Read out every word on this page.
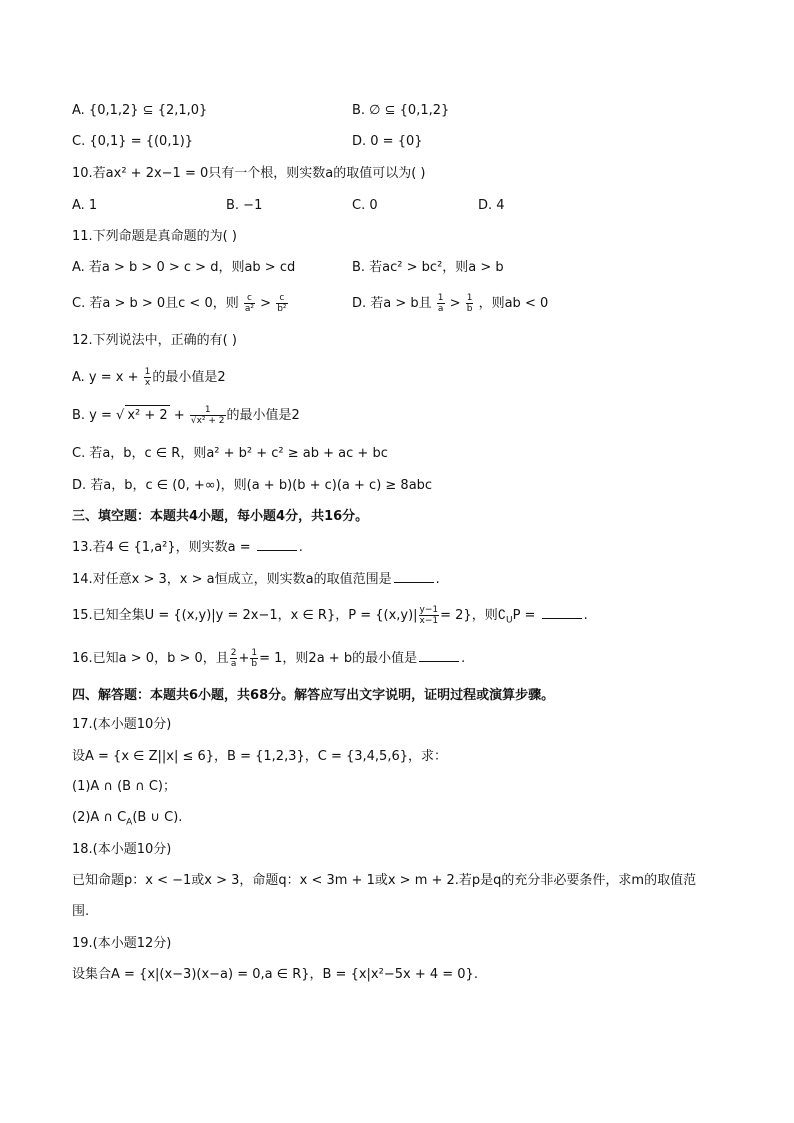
A. {0,1,2} ⊆ {2,1,0}	B. ∅ ⊆ {0,1,2}
C. {0,1} = {(0,1)}	D. 0 = {0}
10.若ax² + 2x−1 = 0只有一个根，则实数a的取值可以为( )
A. 1	B. −1	C. 0	D. 4
11.下列命题是真命题的为( )
A. 若a > b > 0 > c > d，则ab > cd	B. 若ac² > bc²，则a > b
C. 若a > b > 0且c < 0，则 $\frac{c}{\text{a²}} > \frac{c}{\text{b²}}$	D. 若a > b且 $\frac{1}{a} > \frac{1}{b}$ ，则ab < 0
12.下列说法中，正确的有( )
A. $y = x + \frac{1}{x}$ 的最小值是2
B. y = √ $x^2 + 2 + \frac{1}{\text{√x² + 2}}$ 的最小值是2
C. 若a，b，c ∈ R，则a² + b² + c² ≥ ab + ac + bc
D. 若a，b，c ∈ (0, +∞)，则(a + b)(b + c)(a + c) ≥ 8abc
三、填空题：本题共4小题，每小题4分，共16分。
13.若4 ∈ {1,a²}，则实数a =	.
14.对任意x > 3，x > a恒成立，则实数a的取值范围是	.
15.已知全集U = {(x,y)|y = 2x−1，x ∈ R}，$P = \{(x,y)| \frac{y-1}{x-1} = 2\}$，则$∁_UP$ =	.
16.已知a > 0，b > 0，且 $\frac{2}{a} + \frac{1}{b} = 1$，则2a + b的最小值是	.
四、解答题：本题共6小题，共68分。解答应写出文字说明，证明过程或演算步骤。
17.(本小题10分)
设A = {x ∈ Z||x| ≤ 6}，B = {1,2,3}，C = {3,4,5,6}，求：
(1)A ∩ (B ∩ C)；
(2)A ∩ $C_A(B$ ∪ C).
18.(本小题10分)
已知命题p：x < −1或x > 3，命题q：x < 3m + 1或x > m + 2.若p是q的充分非必要条件，求m的取值范
围.
19.(本小题12分)
设集合A = {x|(x−3)(x−a) = 0,a ∈ R}，B = {x|x²−5x + 4 = 0}.
